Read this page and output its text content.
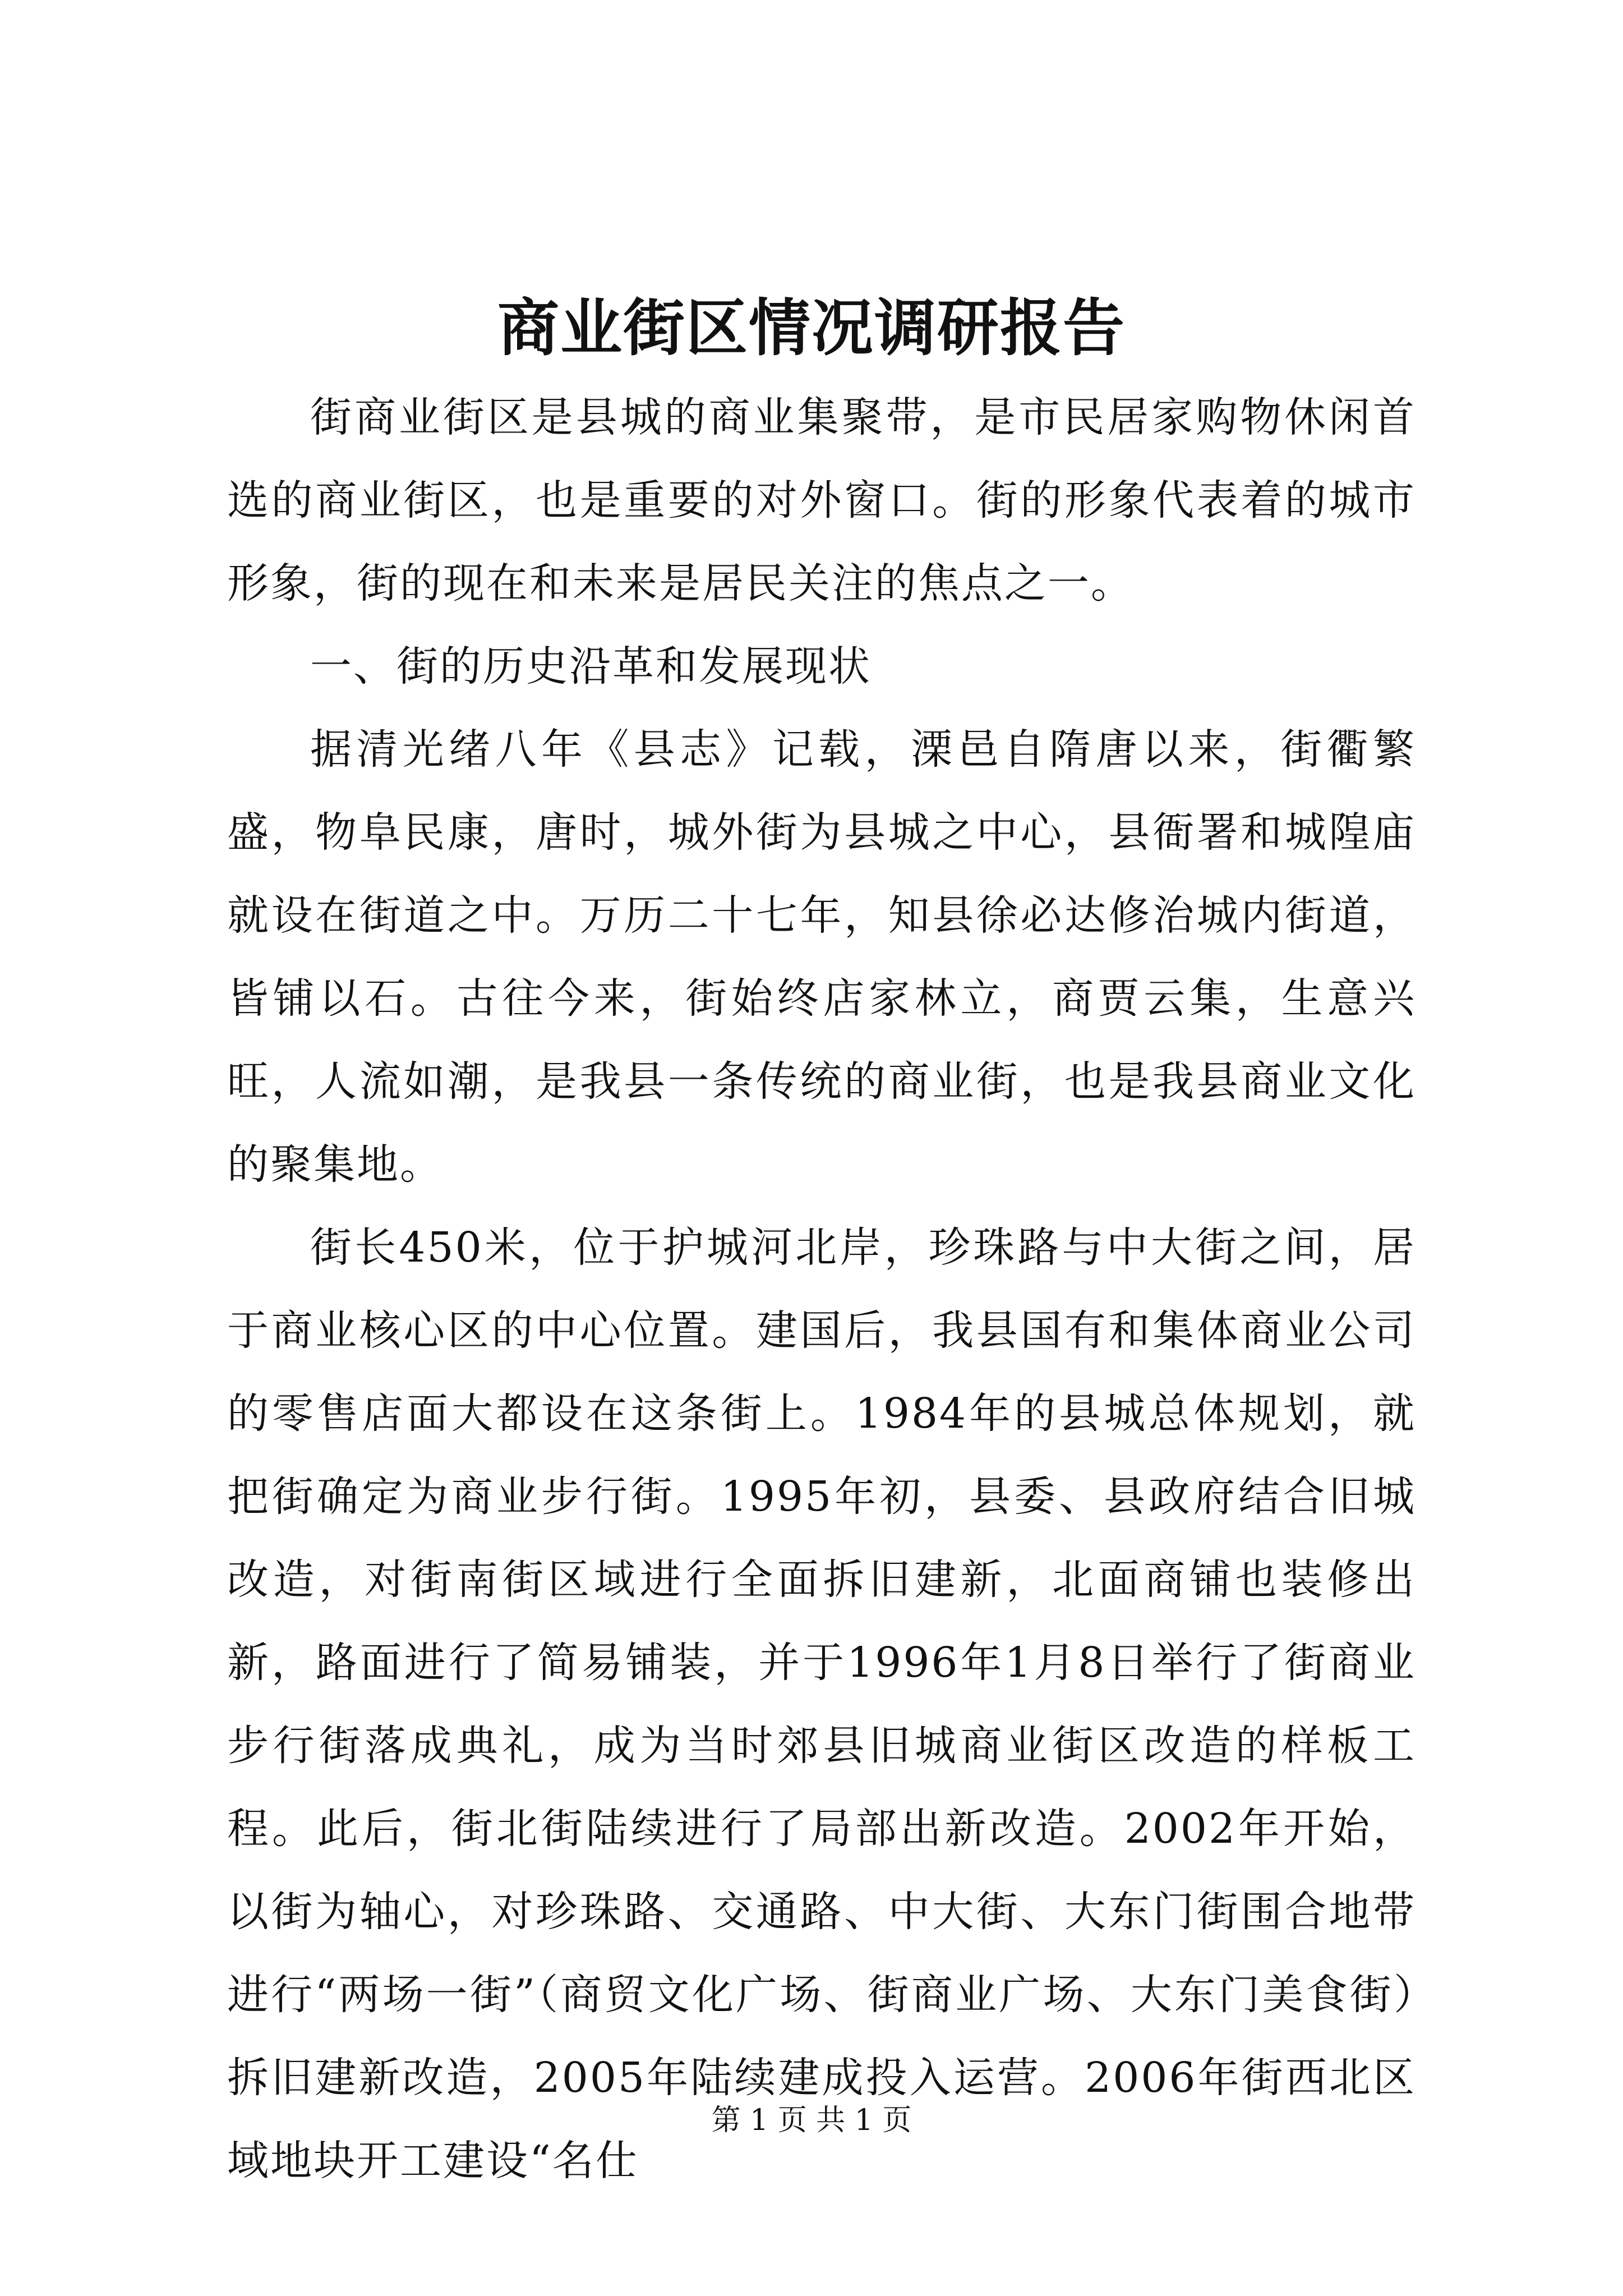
商业街区情况调研报告

街商业街区是县城的商业集聚带，是市民居家购物休闲首选的商业街区，也是重要的对外窗口。街的形象代表着的城市形象，街的现在和未来是居民关注的焦点之一。

一、街的历史沿革和发展现状

据清光绪八年《县志》记载，溧邑自隋唐以来，街衢繁盛，物阜民康，唐时，城外街为县城之中心，县衙署和城隍庙就设在街道之中。万历二十七年，知县徐必达修治城内街道，皆铺以石。古往今来，街始终店家林立，商贾云集，生意兴旺，人流如潮，是我县一条传统的商业街，也是我县商业文化的聚集地。

街长450米，位于护城河北岸，珍珠路与中大街之间，居于商业核心区的中心位置。建国后，我县国有和集体商业公司的零售店面大都设在这条街上。1984年的县城总体规划，就把街确定为商业步行街。1995年初，县委、县政府结合旧城改造，对街南街区域进行全面拆旧建新，北面商铺也装修出新，路面进行了简易铺装，并于1996年1月8日举行了街商业步行街落成典礼，成为当时郊县旧城商业街区改造的样板工程。此后，街北街陆续进行了局部出新改造。2002年开始，以街为轴心，对珍珠路、交通路、中大街、大东门街围合地带进行“两场一街”（商贸文化广场、街商业广场、大东门美食街）拆旧建新改造，2005年陆续建成投入运营。2006年街西北区域地块开工建设“名仕

第 1 页 共 1 页
